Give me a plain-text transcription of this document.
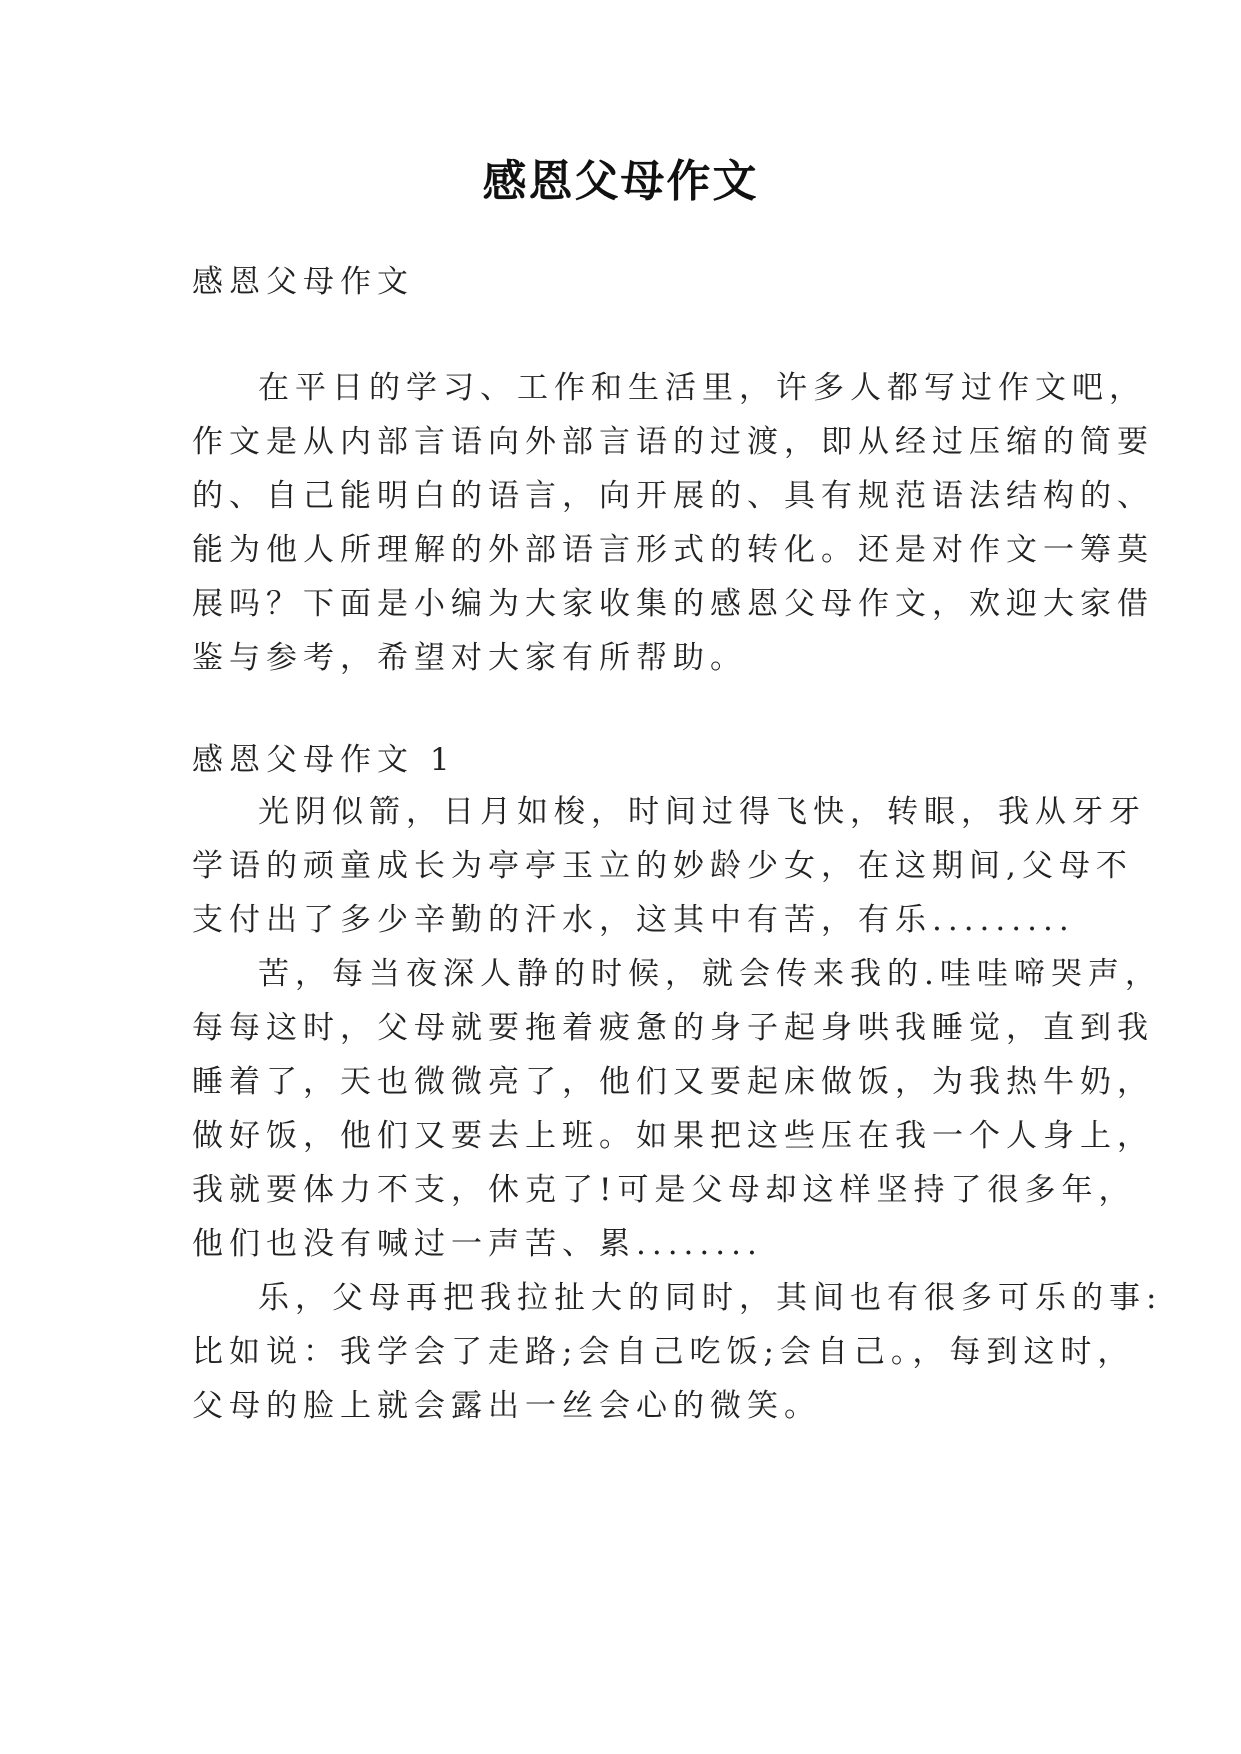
感恩父母作文
感恩父母作文
在平日的学习、工作和生活里，许多人都写过作文吧，
作文是从内部言语向外部言语的过渡，即从经过压缩的简要
的、自己能明白的语言，向开展的、具有规范语法结构的、
能为他人所理解的外部语言形式的转化。还是对作文一筹莫
展吗？下面是小编为大家收集的感恩父母作文，欢迎大家借
鉴与参考，希望对大家有所帮助。
感恩父母作文 1
光阴似箭，日月如梭，时间过得飞快，转眼，我从牙牙
学语的顽童成长为亭亭玉立的妙龄少女，在这期间,父母不
支付出了多少辛勤的汗水，这其中有苦，有乐.........
苦，每当夜深人静的时候，就会传来我的.哇哇啼哭声，
每每这时，父母就要拖着疲惫的身子起身哄我睡觉，直到我
睡着了，天也微微亮了，他们又要起床做饭，为我热牛奶，
做好饭，他们又要去上班。如果把这些压在我一个人身上，
我就要体力不支，休克了!可是父母却这样坚持了很多年，
他们也没有喊过一声苦、累........
乐，父母再把我拉扯大的同时，其间也有很多可乐的事:
比如说：我学会了走路;会自己吃饭;会自己。，每到这时，
父母的脸上就会露出一丝会心的微笑。
